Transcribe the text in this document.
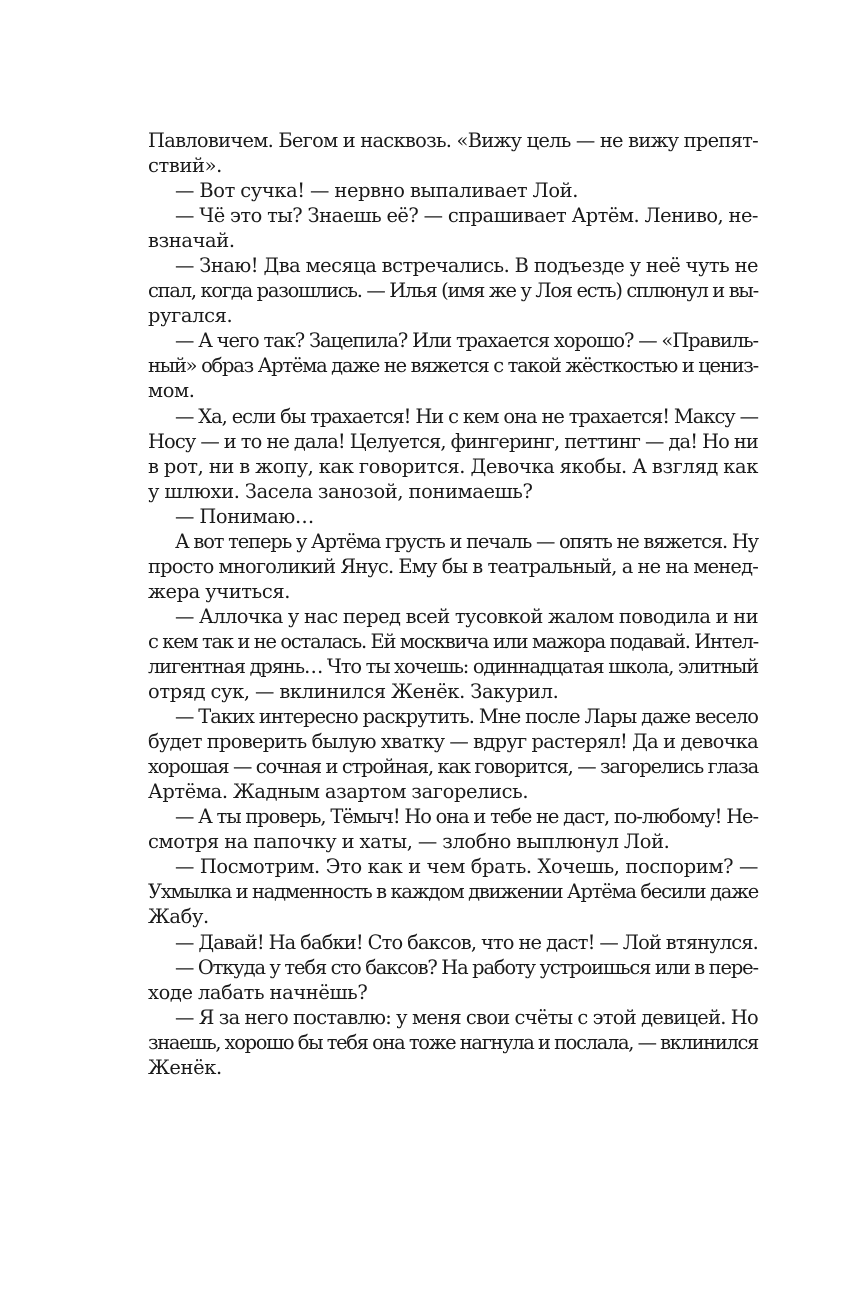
Павловичем. Бегом и насквозь. «Вижу цель — не вижу препят-
ствий».
— Вот сучка! — нервно выпаливает Лой.
— Чё это ты? Знаешь её? — спрашивает Артём. Лениво, не-
взначай.
— Знаю! Два месяца встречались. В подъезде у неё чуть не
спал, когда разошлись. — Илья (имя же у Лоя есть) сплюнул и вы-
ругался.
— А чего так? Зацепила? Или трахается хорошо? — «Правиль-
ный» образ Артёма даже не вяжется с такой жёсткостью и цениз-
мом.
— Ха, если бы трахается! Ни с кем она не трахается! Максу —
Носу — и то не дала! Целуется, фингеринг, петтинг — да! Но ни
в рот, ни в жопу, как говорится. Девочка якобы. А взгляд как
у шлюхи. Засела занозой, понимаешь?
— Понимаю…
А вот теперь у Артёма грусть и печаль — опять не вяжется. Ну
просто многоликий Янус. Ему бы в театральный, а не на менед-
жера учиться.
— Аллочка у нас перед всей тусовкой жалом поводила и ни
с кем так и не осталась. Ей москвича или мажора подавай. Интел-
лигентная дрянь… Что ты хочешь: одиннадцатая школа, элитный
отряд сук, — вклинился Женёк. Закурил.
— Таких интересно раскрутить. Мне после Лары даже весело
будет проверить былую хватку — вдруг растерял! Да и девочка
хорошая — сочная и стройная, как говорится, — загорелись глаза
Артёма. Жадным азартом загорелись.
— А ты проверь, Тёмыч! Но она и тебе не даст, по-любому! Не-
смотря на папочку и хаты, — злобно выплюнул Лой.
— Посмотрим. Это как и чем брать. Хочешь, поспорим? —
Ухмылка и надменность в каждом движении Артёма бесили даже
Жабу.
— Давай! На бабки! Сто баксов, что не даст! — Лой втянулся.
— Откуда у тебя сто баксов? На работу устроишься или в пере-
ходе лабать начнёшь?
— Я за него поставлю: у меня свои счёты с этой девицей. Но
знаешь, хорошо бы тебя она тоже нагнула и послала, — вклинился
Женёк.
